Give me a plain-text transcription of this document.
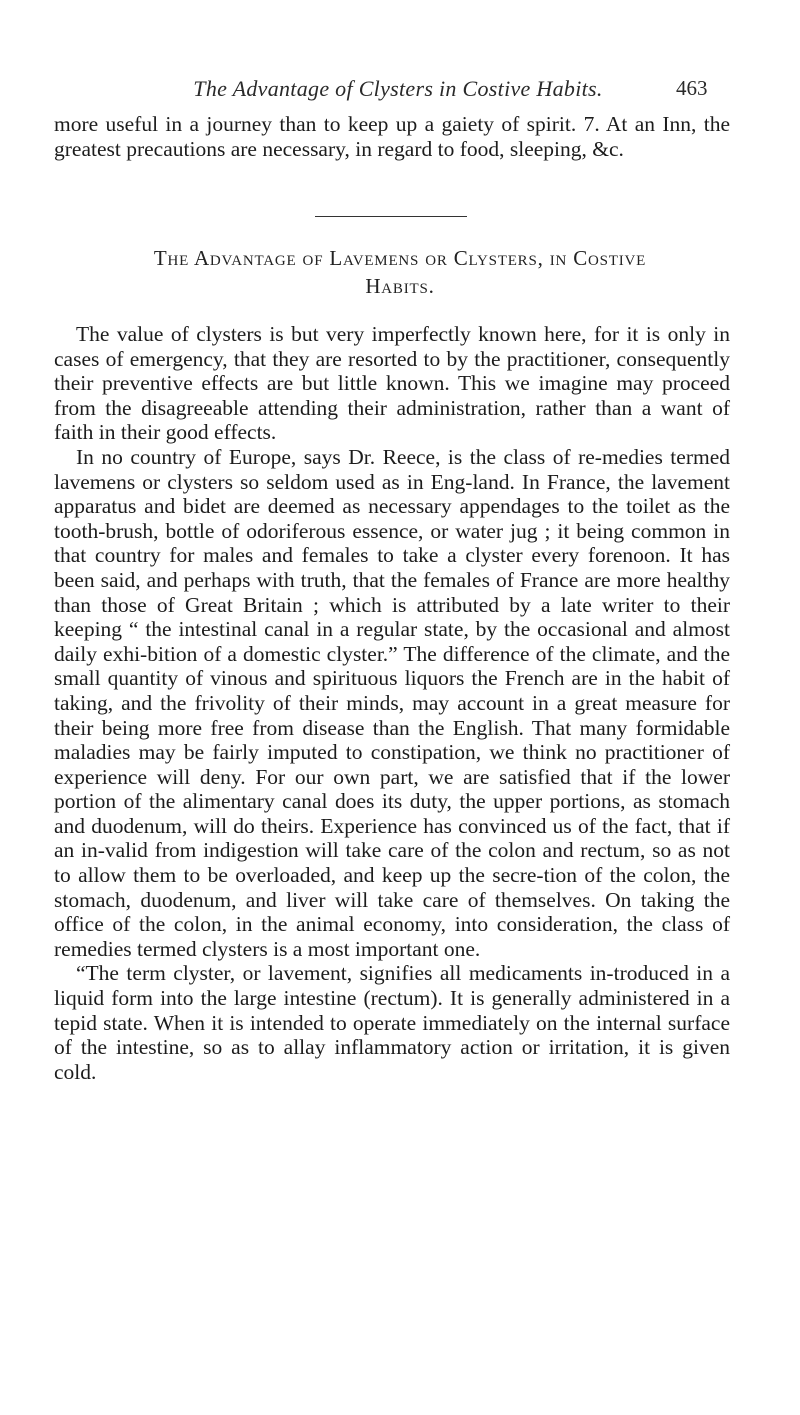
The Advantage of Clysters in Costive Habits.	463

more useful in a journey than to keep up a gaiety of spirit. 7. At an Inn, the greatest precautions are necessary, in regard to food, sleeping, &c.

The Advantage of Lavemens or Clysters, in Costive
Habits.

The value of clysters is but very imperfectly known here, for it is only in cases of emergency, that they are resorted to by the practitioner, consequently their preventive effects are but little known. This we imagine may proceed from the disagreeable attending their administration, rather than a want of faith in their good effects.

In no country of Europe, says Dr. Reece, is the class of re-medies termed lavemens or clysters so seldom used as in Eng-land. In France, the lavement apparatus and bidet are deemed as necessary appendages to the toilet as the tooth-brush, bottle of odoriferous essence, or water jug ; it being common in that country for males and females to take a clyster every forenoon. It has been said, and perhaps with truth, that the females of France are more healthy than those of Great Britain ; which is attributed by a late writer to their keeping “ the intestinal canal in a regular state, by the occasional and almost daily exhi-bition of a domestic clyster.” The difference of the climate, and the small quantity of vinous and spirituous liquors the French are in the habit of taking, and the frivolity of their minds, may account in a great measure for their being more free from disease than the English. That many formidable maladies may be fairly imputed to constipation, we think no practitioner of experience will deny. For our own part, we are satisfied that if the lower portion of the alimentary canal does its duty, the upper portions, as stomach and duodenum, will do theirs. Experience has convinced us of the fact, that if an in-valid from indigestion will take care of the colon and rectum, so as not to allow them to be overloaded, and keep up the secre-tion of the colon, the stomach, duodenum, and liver will take care of themselves. On taking the office of the colon, in the animal economy, into consideration, the class of remedies termed clysters is a most important one.

“The term clyster, or lavement, signifies all medicaments in-troduced in a liquid form into the large intestine (rectum). It is generally administered in a tepid state. When it is intended to operate immediately on the internal surface of the intestine, so as to allay inflammatory action or irritation, it is given cold.
